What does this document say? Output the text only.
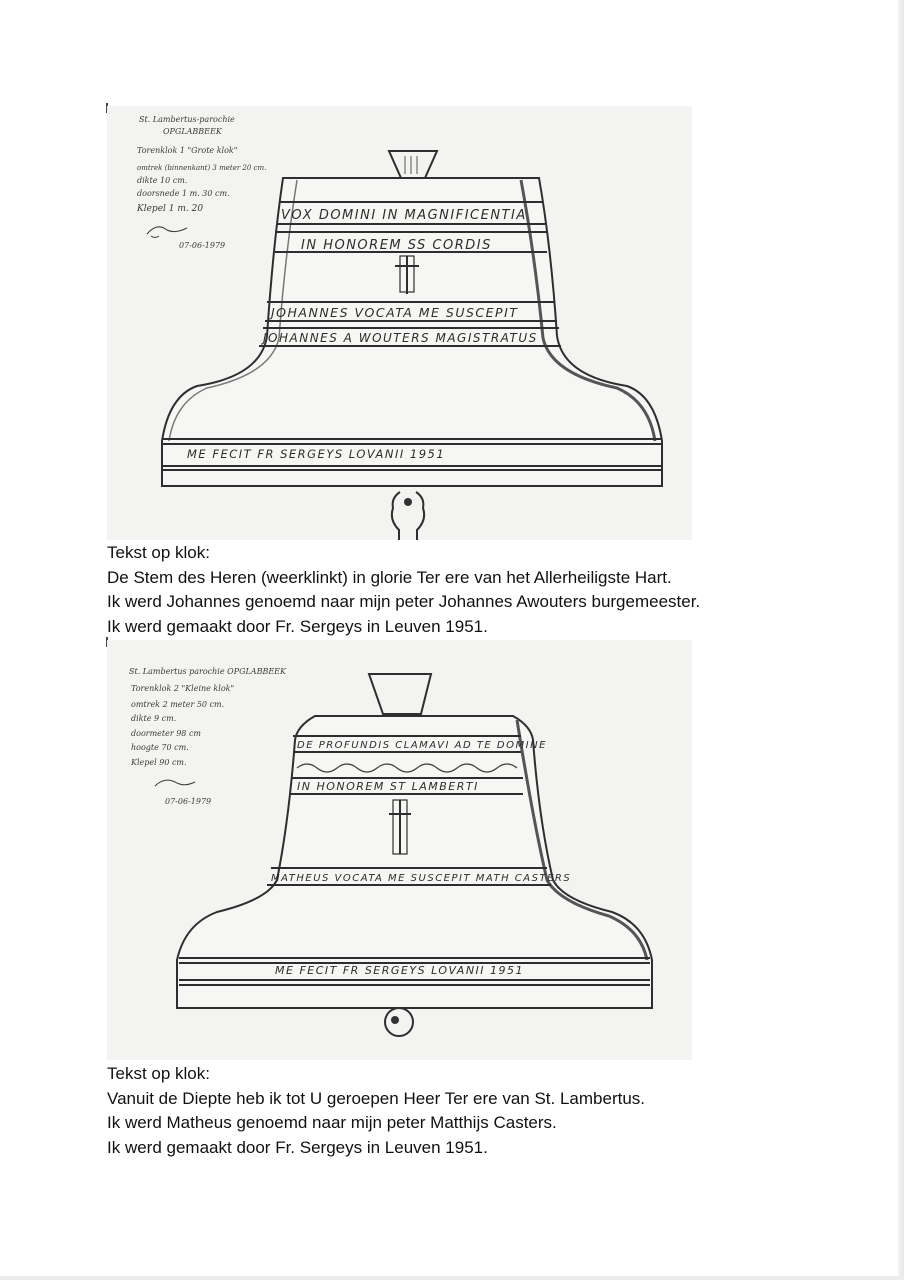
St. Lambertus-parochie
OPGLABBEEK
Torenklok 1 "Grote klok"
omtrek (binnenkant) 3 meter 20 cm.
dikte 10 cm.
doorsnede 1 m. 30 cm.
Klepel 1 m. 20
07-06-1979
VOX DOMINI IN MAGNIFICENTIA
IN HONOREM SS CORDIS
JOHANNES VOCATA ME SUSCEPIT
JOHANNES A WOUTERS MAGISTRATUS
ME FECIT FR SERGEYS LOVANII 1951
Tekst op klok:
De Stem des Heren (weerklinkt) in glorie Ter ere van het Allerheiligste Hart.
Ik werd Johannes genoemd naar mijn peter Johannes Awouters burgemeester.
Ik werd gemaakt door Fr. Sergeys in Leuven 1951.
St. Lambertus parochie OPGLABBEEK
Torenklok 2 "Kleine klok"
omtrek 2 meter 50 cm.
dikte 9 cm.
doormeter 98 cm
hoogte 70 cm.
Klepel 90 cm.
07-06-1979
DE PROFUNDIS CLAMAVI AD TE DOMINE
IN HONOREM ST LAMBERTI
MATHEUS VOCATA ME SUSCEPIT MATH CASTERS
ME FECIT FR SERGEYS LOVANII 1951
Tekst op klok:
Vanuit de Diepte heb ik tot U geroepen Heer Ter ere van St. Lambertus.
Ik werd Matheus genoemd naar mijn peter Matthijs Casters.
Ik werd gemaakt door Fr. Sergeys in Leuven 1951.
